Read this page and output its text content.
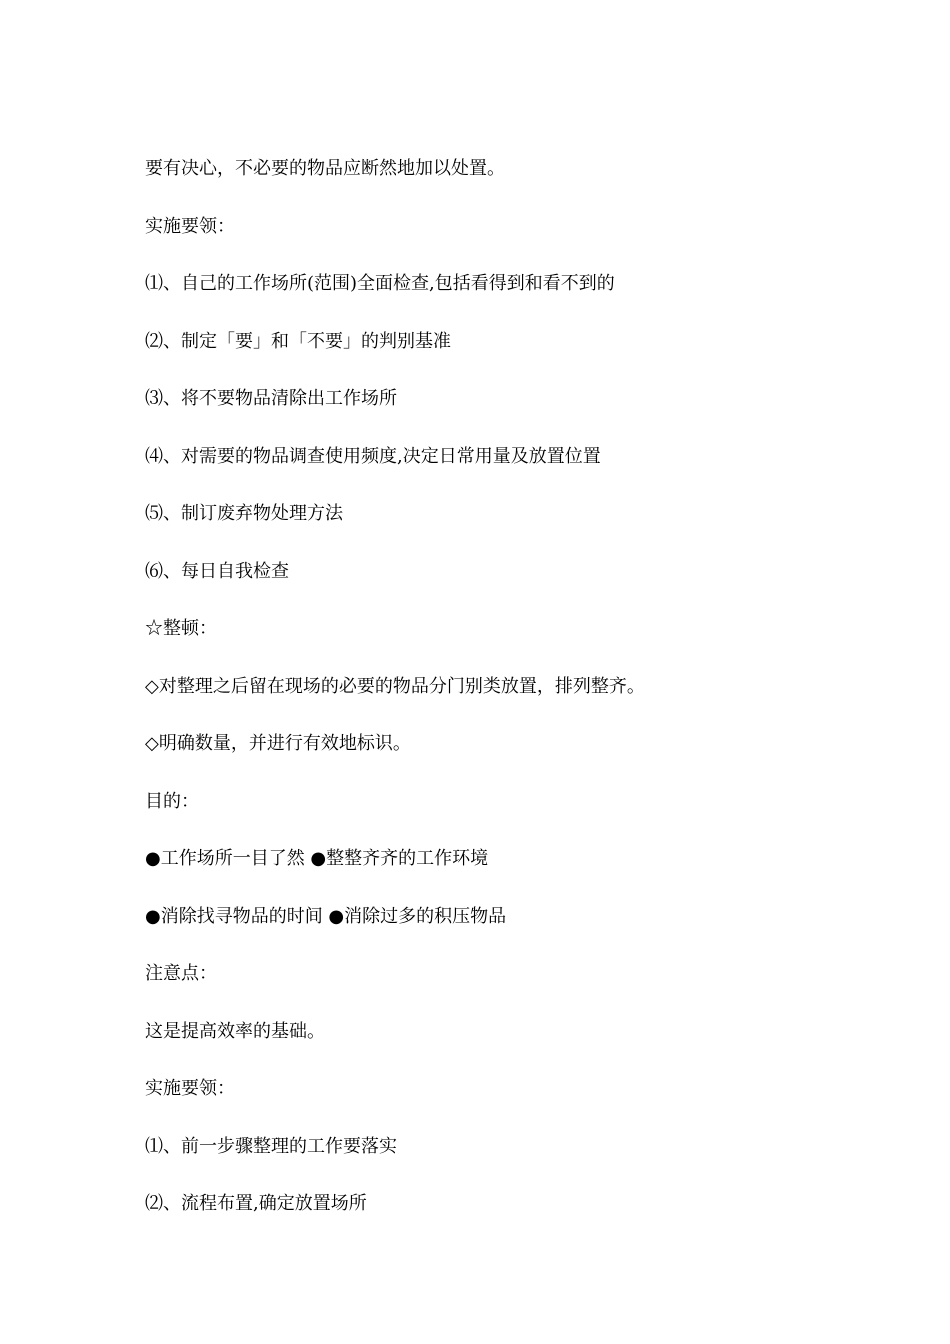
要有决心，不必要的物品应断然地加以处置。

实施要领：

⑴、自己的工作场所(范围)全面检查,包括看得到和看不到的

⑵、制定「要」和「不要」的判别基准

⑶、将不要物品清除出工作场所

⑷、对需要的物品调查使用频度,决定日常用量及放置位置

⑸、制订废弃物处理方法

⑹、每日自我检查

☆整顿：

◇对整理之后留在现场的必要的物品分门别类放置，排列整齐。

◇明确数量，并进行有效地标识。

目的：

●工作场所一目了然 ●整整齐齐的工作环境

●消除找寻物品的时间 ●消除过多的积压物品

注意点：

这是提高效率的基础。

实施要领：

⑴、前一步骤整理的工作要落实

⑵、流程布置,确定放置场所
